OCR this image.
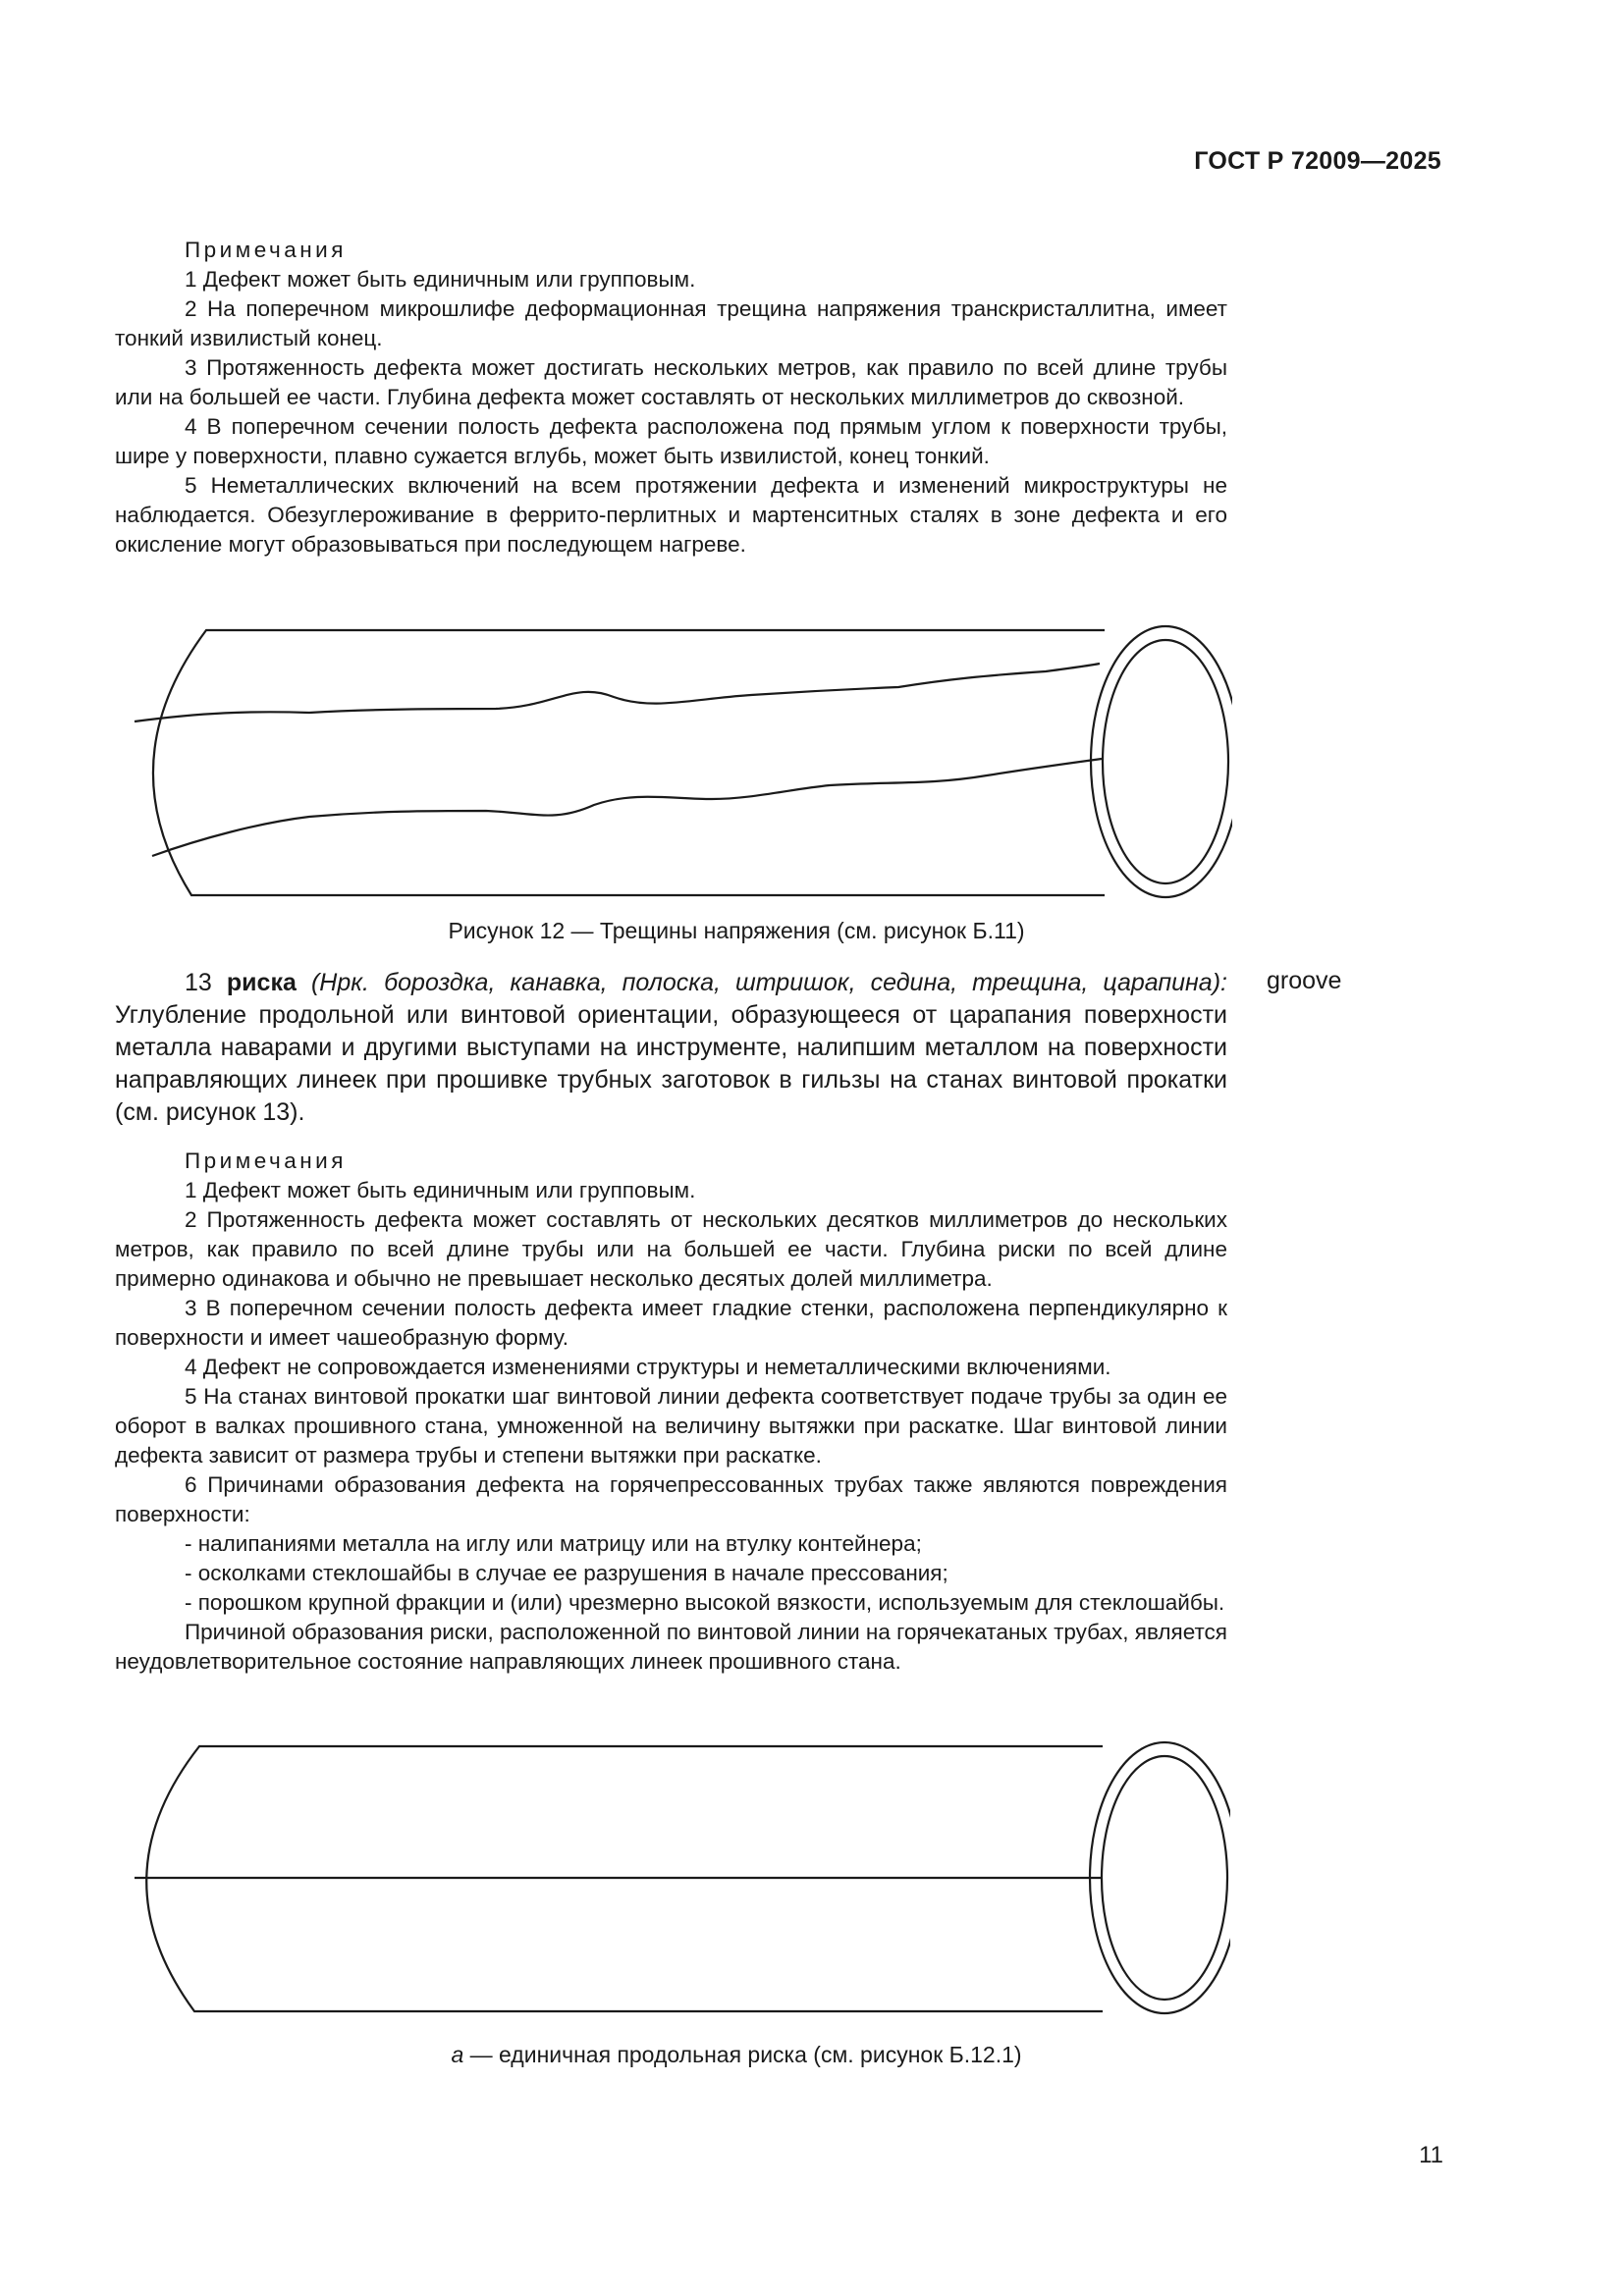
ГОСТ Р 72009—2025

Примечания

1 Дефект может быть единичным или групповым.

2 На поперечном микрошлифе деформационная трещина напряжения транскристаллитна, имеет тонкий извилистый конец.

3 Протяженность дефекта может достигать нескольких метров, как правило по всей длине трубы или на большей ее части. Глубина дефекта может составлять от нескольких миллиметров до сквозной.

4 В поперечном сечении полость дефекта расположена под прямым углом к поверхности трубы, шире у поверхности, плавно сужается вглубь, может быть извилистой, конец тонкий.

5 Неметаллических включений на всем протяжении дефекта и изменений микроструктуры не наблюдается. Обезуглероживание в феррито-перлитных и мартенситных сталях в зоне дефекта и его окисление могут образовываться при последующем нагреве.

Рисунок 12 — Трещины напряжения (см. рисунок Б.11)

13 риска (Нрк. бороздка, канавка, полоска, штришок, седина, трещина, царапина): Углубление продольной или винтовой ориентации, образующееся от царапания поверхности металла наварами и другими выступами на инструменте, налипшим металлом на поверхности направляющих линеек при прошивке трубных заготовок в гильзы на станах винтовой прокатки (см. рисунок 13).

groove

Примечания

1 Дефект может быть единичным или групповым.

2 Протяженность дефекта может составлять от нескольких десятков миллиметров до нескольких метров, как правило по всей длине трубы или на большей ее части. Глубина риски по всей длине примерно одинакова и обычно не превышает несколько десятых долей миллиметра.

3 В поперечном сечении полость дефекта имеет гладкие стенки, расположена перпендикулярно к поверхности и имеет чашеобразную форму.

4 Дефект не сопровождается изменениями структуры и неметаллическими включениями.

5 На станах винтовой прокатки шаг винтовой линии дефекта соответствует подаче трубы за один ее оборот в валках прошивного стана, умноженной на величину вытяжки при раскатке. Шаг винтовой линии дефекта зависит от размера трубы и степени вытяжки при раскатке.

6 Причинами образования дефекта на горячепрессованных трубах также являются повреждения поверхности:

- налипаниями металла на иглу или матрицу или на втулку контейнера;

- осколками стеклошайбы в случае ее разрушения в начале прессования;

- порошком крупной фракции и (или) чрезмерно высокой вязкости, используемым для стеклошайбы.

Причиной образования риски, расположенной по винтовой линии на горячекатаных трубах, является неудовлетворительное состояние направляющих линеек прошивного стана.

а — единичная продольная риска (см. рисунок Б.12.1)
11
